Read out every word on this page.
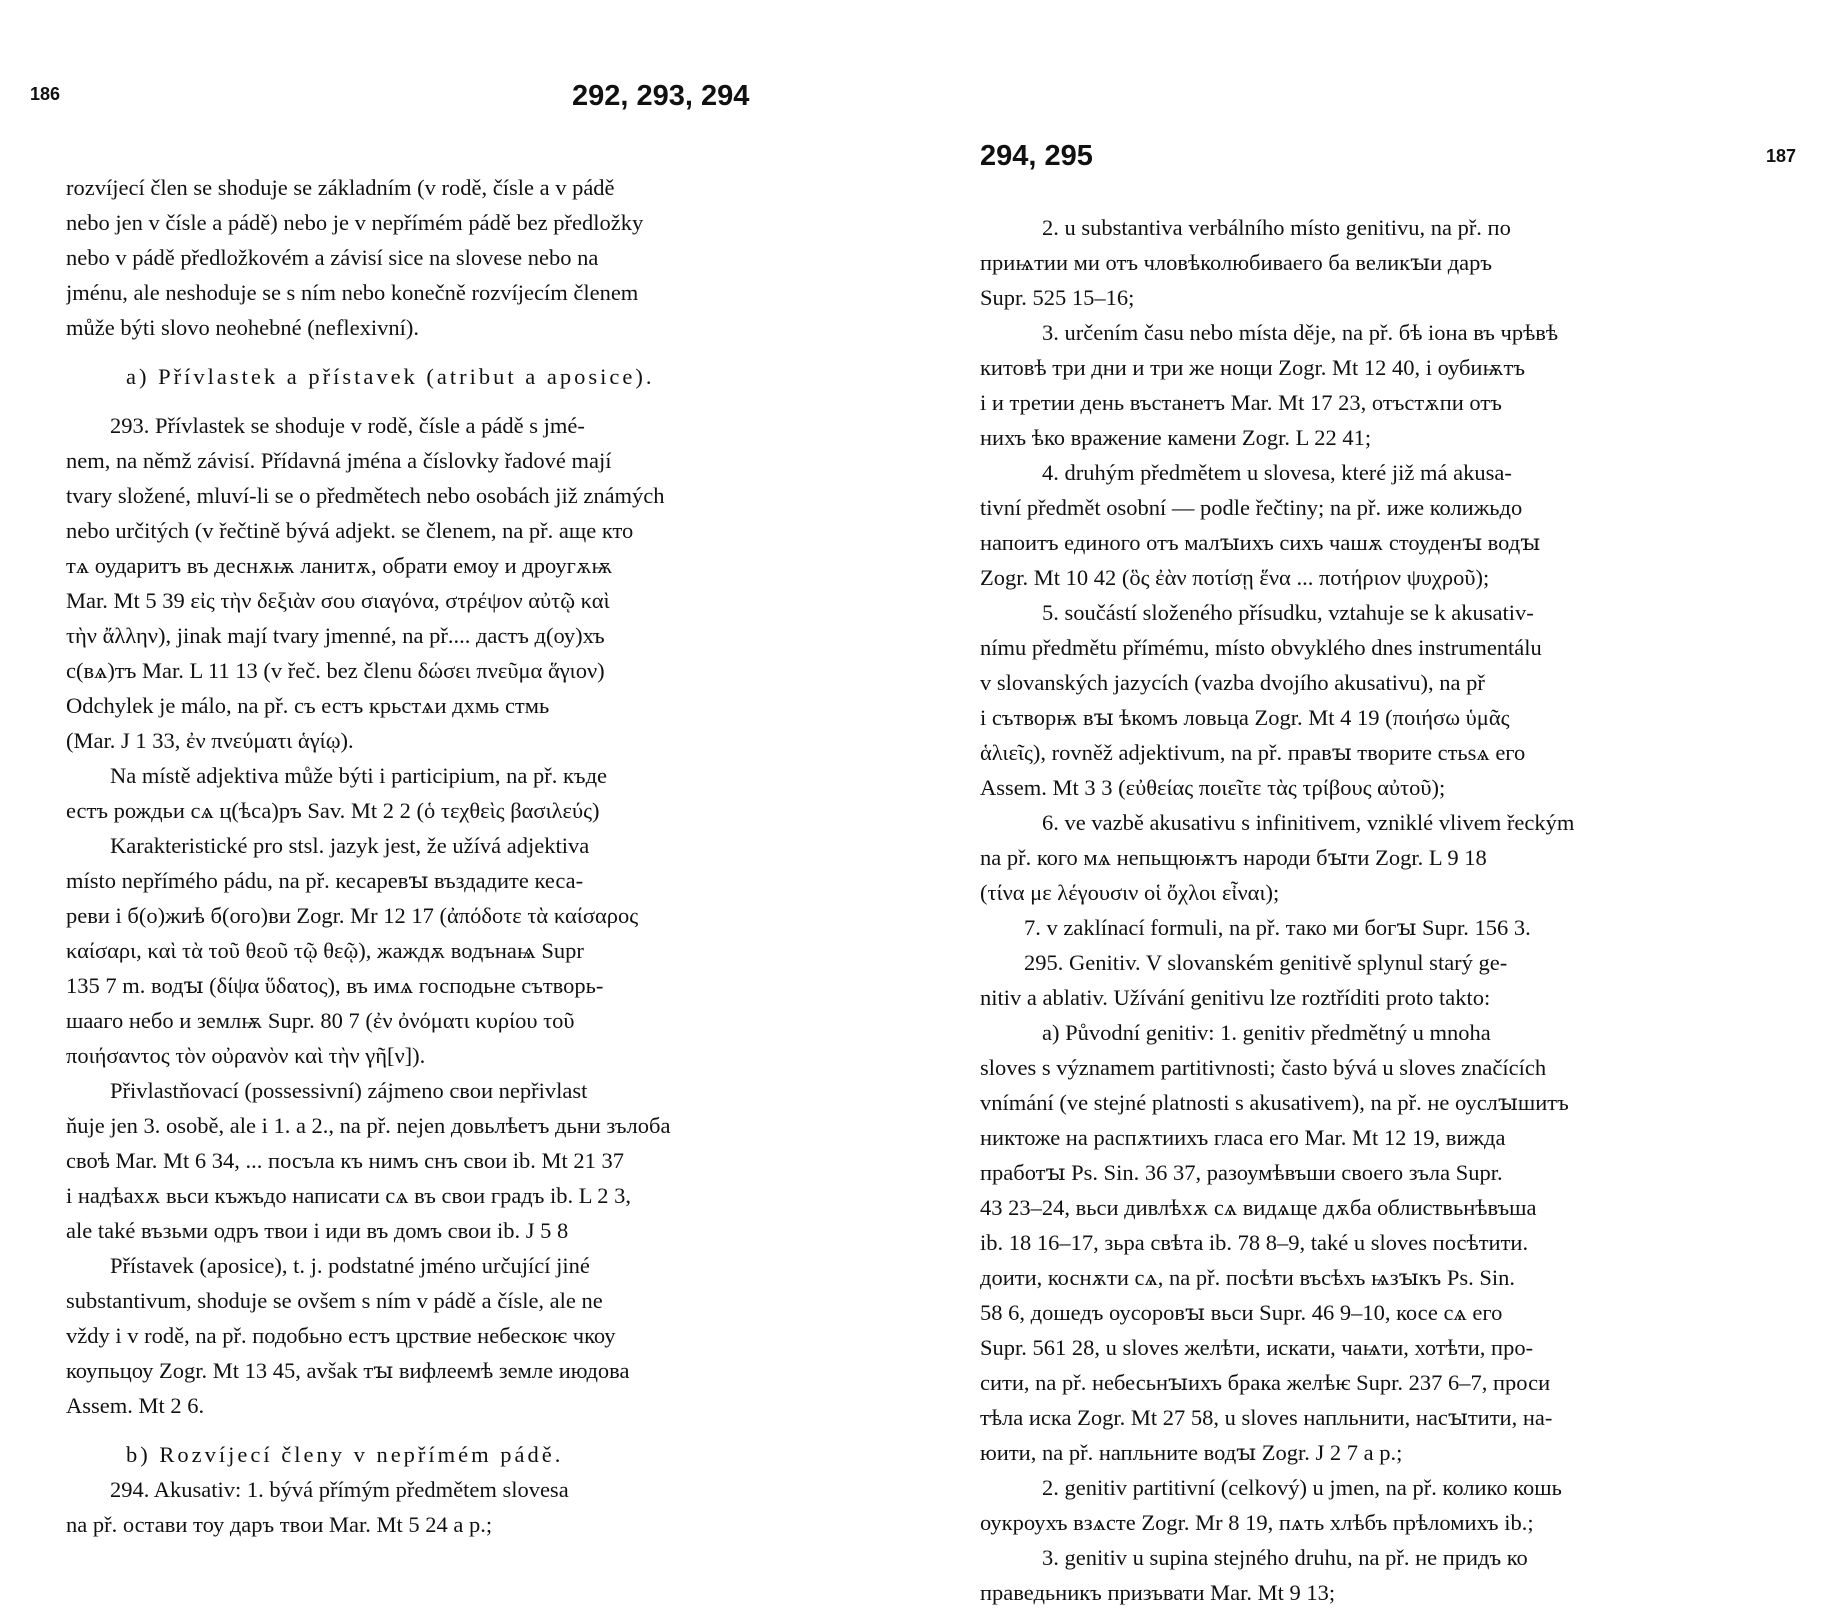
186	292, 293, 294
rozvíjecí člen se shoduje se základním (v rodě, čísle a v pádě
nebo jen v čísle a pádě) nebo je v nepřímém pádě bez předložky
nebo v pádě předložkovém a závisí sice na slovese nebo na
jménu, ale neshoduje se s ním nebo konečně rozvíjecím členem
může býti slovo neohebné (neflexivní).
a) Přívlastek a přístavek (atribut a aposice).
293. Přívlastek se shoduje v rodě, čísle a pádě s jmé-
nem, na němž závisí. Přídavná jména a číslovky řadové mají
tvary složené, mluví-li se o předmětech nebo osobách již známých
nebo určitých (v řečtině bývá adjekt. se členem, na př. аще кто
тѧ оударитъ въ деснѫѭ ланитѫ, обрати емоу и дроугѫѭ
Mar. Mt 5 39 εἰς τὴν δεξιὰν σου σιαγόνα, στρέψον αὐτῷ καὶ
τὴν ἄλλην), jinak mají tvary jmenné, na př.... дастъ д(оу)хъ
с(вѧ)тъ Mar. L 11 13 (v řeč. bez členu δώσει πνεῦμα ἅγιον)
Odchylek je málo, na př. съ естъ крьстѧи дхмь стмь
(Mar. J 1 33, ἐν πνεύματι ἁγίῳ).
Na místě adjektiva může býti i participium, na př. къде
естъ рождьи сѧ ц(ѣса)ръ Sav. Mt 2 2 (ὁ τεχθεὶς βασιλεύς)
Karakteristické pro stsl. jazyk jest, že užívá adjektiva
místo nepřímého pádu, na př. кесаревꙑ въздадите кеса-
реви і б(о)жиѣ б(ого)ви Zogr. Mr 12 17 (ἀπόδοτε τὰ καίσαρος
καίσαρι, καὶ τὰ τοῦ θεοῦ τῷ θεῷ), жаждѫ водънаѩ Supr
135 7 m. водꙑ (δίψα ὕδατος), въ имѧ господьне сътворь-
шааго небо и землѭ Supr. 80 7 (ἐν ὀνόματι κυρίου τοῦ
ποιήσαντος τὸν οὐρανὸν καὶ τὴν γῆ[ν]).
Přivlastňovací (possessivní) zájmeno свои nepřivlast
ňuje jen 3. osobě, ale i 1. a 2., na př. nejen довьлѣетъ дьни зълоба
своѣ Mar. Mt 6 34, ... посъла къ нимъ снъ свои ib. Mt 21 37
і надѣахѫ вьси къжъдо написати сѧ въ свои градъ ib. L 2 3,
ale také възьми одръ твои і иди въ домъ свои ib. J 5 8
Přístavek (aposice), t. j. podstatné jméno určující jiné
substantivum, shoduje se ovšem s ním v pádě a čísle, ale ne
vždy i v rodě, na př. подобьно естъ црствие небескоѥ чкоу
коупьцоу Zogr. Mt 13 45, avšak тꙑ вифлеемѣ земле июдова
Assem. Mt 2 6.
b) Rozvíjecí členy v nepřímém pádě.
294. Akusativ: 1. bývá přímým předmětem slovesa
na př. остави тоу даръ твои Mar. Mt 5 24 a p.;
294, 295	187
2. u substantiva verbálního místo genitivu, na př. по
приѩтии ми отъ чловѣколюбиваего ба великꙑи даръ
Supr. 525 15–16;
3. určením času nebo místa děje, na př. бѣ іона въ чрѣвѣ
китовѣ три дни и три же нощи Zogr. Mt 12 40, і оубиѭтъ
і и третии день въстанетъ Mar. Mt 17 23, отъстѫпи отъ
нихъ ѣко вражение камени Zogr. L 22 41;
4. druhým předmětem u slovesa, které již má akusa-
tivní předmět osobní — podle řečtiny; na př. иже колижьдо
напоитъ единого отъ малꙑихъ сихъ чашѫ стоуденꙑ водꙑ
Zogr. Mt 10 42 (ὃς ἐὰν ποτίσῃ ἕνα ... ποτήριον ψυχροῦ);
5. součástí složeného přísudku, vztahuje se k akusativ-
nímu předmětu přímému, místo obvyklého dnes instrumentálu
v slovanských jazycích (vazba dvojího akusativu), na př
і сътворѭ вꙑ ѣкомъ ловьца Zogr. Mt 4 19 (ποιήσω ὑμᾶς
ἁλιεῖς), rovněž adjektivum, na př. правꙑ творите стьѕѧ его
Assem. Mt 3 3 (εὐθείας ποιεῖτε τὰς τρίβους αὐτοῦ);
6. ve vazbě akusativu s infinitivem, vzniklé vlivem řeckým
na př. кого мѧ непьщюѭтъ народи бꙑти Zogr. L 9 18
(τίνα με λέγουσιν οἱ ὄχλοι εἶναι);
7. v zaklínací formuli, na př. тако ми богꙑ Supr. 156 3.
295. Genitiv. V slovanském genitivě splynul starý ge-
nitiv a ablativ. Užívání genitivu lze roztříditi proto takto:
a) Původní genitiv: 1. genitiv předmětný u mnoha
sloves s významem partitivnosti; často bývá u sloves značících
vnímání (ve stejné platnosti s akusativem), na př. не оуслꙑшитъ
никтоже на распѫтиихъ гласа его Mar. Mt 12 19, вижда
пработꙑ Ps. Sin. 36 37, разоумѣвъши своего зъла Supr.
43 23–24, вьси дивлѣхѫ сѧ видѧще дѫба облиствьнѣвъша
ib. 18 16–17, зьра свѣта ib. 78 8–9, také u sloves посѣтити.
доити, коснѫти сѧ, na př. посѣти въсѣхъ ѩзꙑкъ Ps. Sin.
58 6, дошедъ оусоровꙑ вьси Supr. 46 9–10, косе сѧ его
Supr. 561 28, u sloves желѣти, искати, чаѩти, хотѣти, про-
сити, na př. небесьнꙑихъ брака желѣѥ Supr. 237 6–7, проси
тѣла иска Zogr. Mt 27 58, u sloves напльнити, насꙑтити, на-
юити, na př. напльните водꙑ Zogr. J 2 7 a p.;
2. genitiv partitivní (celkový) u jmen, na př. колико кошь
оукроухъ взѧсте Zogr. Mr 8 19, пѧть хлѣбъ прѣломихъ ib.;
3. genitiv u supina stejného druhu, na př. не придъ ко
праведьникъ призъвати Mar. Mt 9 13;
